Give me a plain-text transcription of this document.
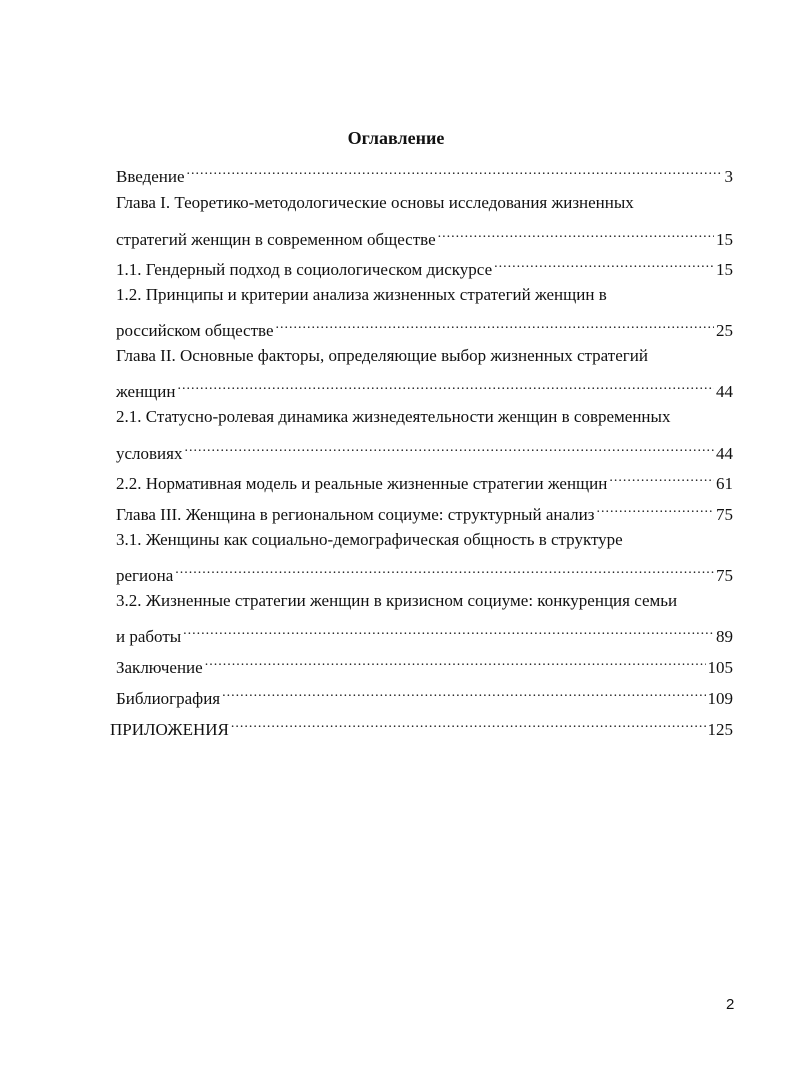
Оглавление
Введение .....	3
Глава I. Теоретико-методологические основы исследования жизненных
стратегий женщин в современном обществе .....	15
1.1. Гендерный подход в социологическом дискурсе .....	15
1.2. Принципы и критерии анализа жизненных стратегий женщин в
российском обществе .....	25
Глава II. Основные факторы, определяющие выбор жизненных стратегий
женщин .....	44
2.1. Статусно-ролевая динамика жизнедеятельности женщин в современных
условиях .....	44
2.2. Нормативная модель и реальные жизненные стратегии женщин .....	61
Глава III. Женщина в региональном социуме: структурный анализ .....	75
3.1. Женщины как социально-демографическая общность в структуре
региона .....	75
3.2. Жизненные стратегии женщин в кризисном социуме: конкуренция семьи
и работы .....	89
Заключение .....	105
Библиография .....	109
ПРИЛОЖЕНИЯ .....	125
2
